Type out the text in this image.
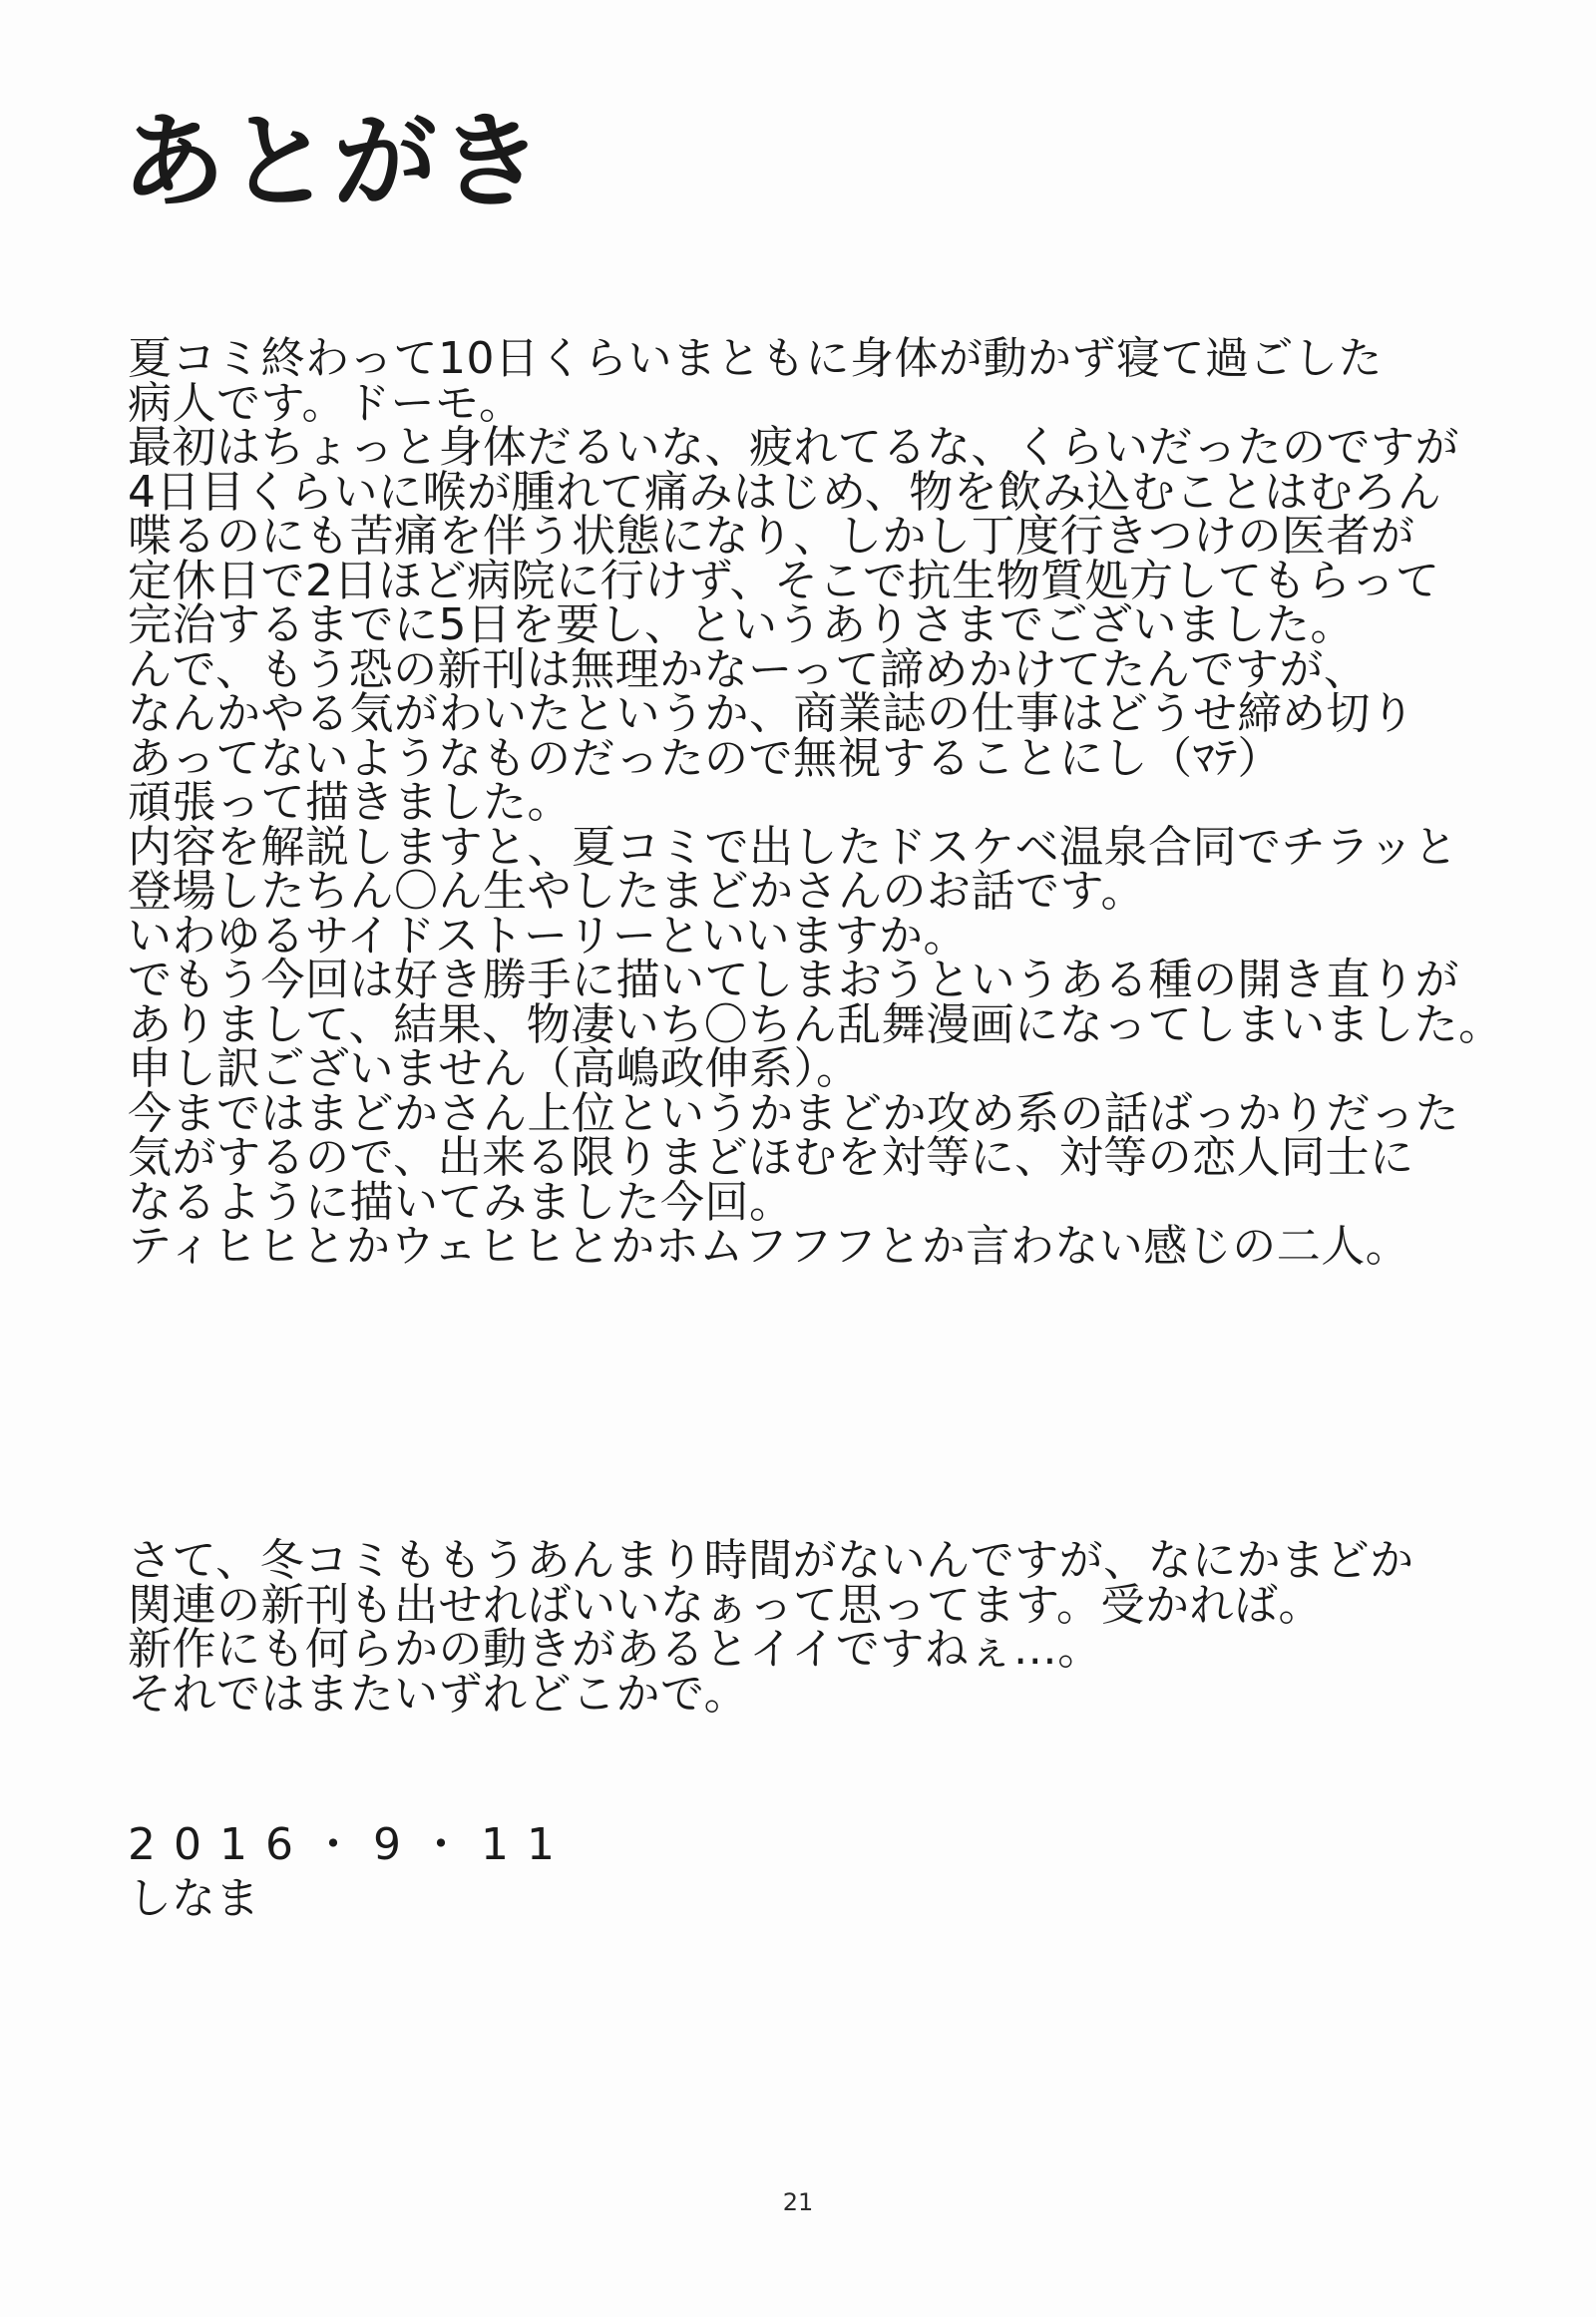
あとがき
夏コミ終わって10日くらいまともに身体が動かず寝て過ごした
病人です。ドーモ。
最初はちょっと身体だるいな、疲れてるな、くらいだったのですが
4日目くらいに喉が腫れて痛みはじめ、物を飲み込むことはむろん
喋るのにも苦痛を伴う状態になり、しかし丁度行きつけの医者が
定休日で2日ほど病院に行けず、そこで抗生物質処方してもらって
完治するまでに5日を要し、というありさまでございました。
んで、もう恐の新刊は無理かなーって諦めかけてたんですが、
なんかやる気がわいたというか、商業誌の仕事はどうせ締め切り
あってないようなものだったので無視することにし（ﾏﾃ）
頑張って描きました。
内容を解説しますと、夏コミで出したドスケベ温泉合同でチラッと
登場したちん〇ん生やしたまどかさんのお話です。
いわゆるサイドストーリーといいますか。
でもう今回は好き勝手に描いてしまおうというある種の開き直りが
ありまして、結果、物凄いち〇ちん乱舞漫画になってしまいました。
申し訳ございません（高嶋政伸系）。
今まではまどかさん上位というかまどか攻め系の話ばっかりだった
気がするので、出来る限りまどほむを対等に、対等の恋人同士に
なるように描いてみました今回。
ティヒヒとかウェヒヒとかホムフフフとか言わない感じの二人。
さて、冬コミももうあんまり時間がないんですが、なにかまどか
関連の新刊も出せればいいなぁって思ってます。受かれば。
新作にも何らかの動きがあるとイイですねぇ…。
それではまたいずれどこかで。
2016・9・11
しなま
21
